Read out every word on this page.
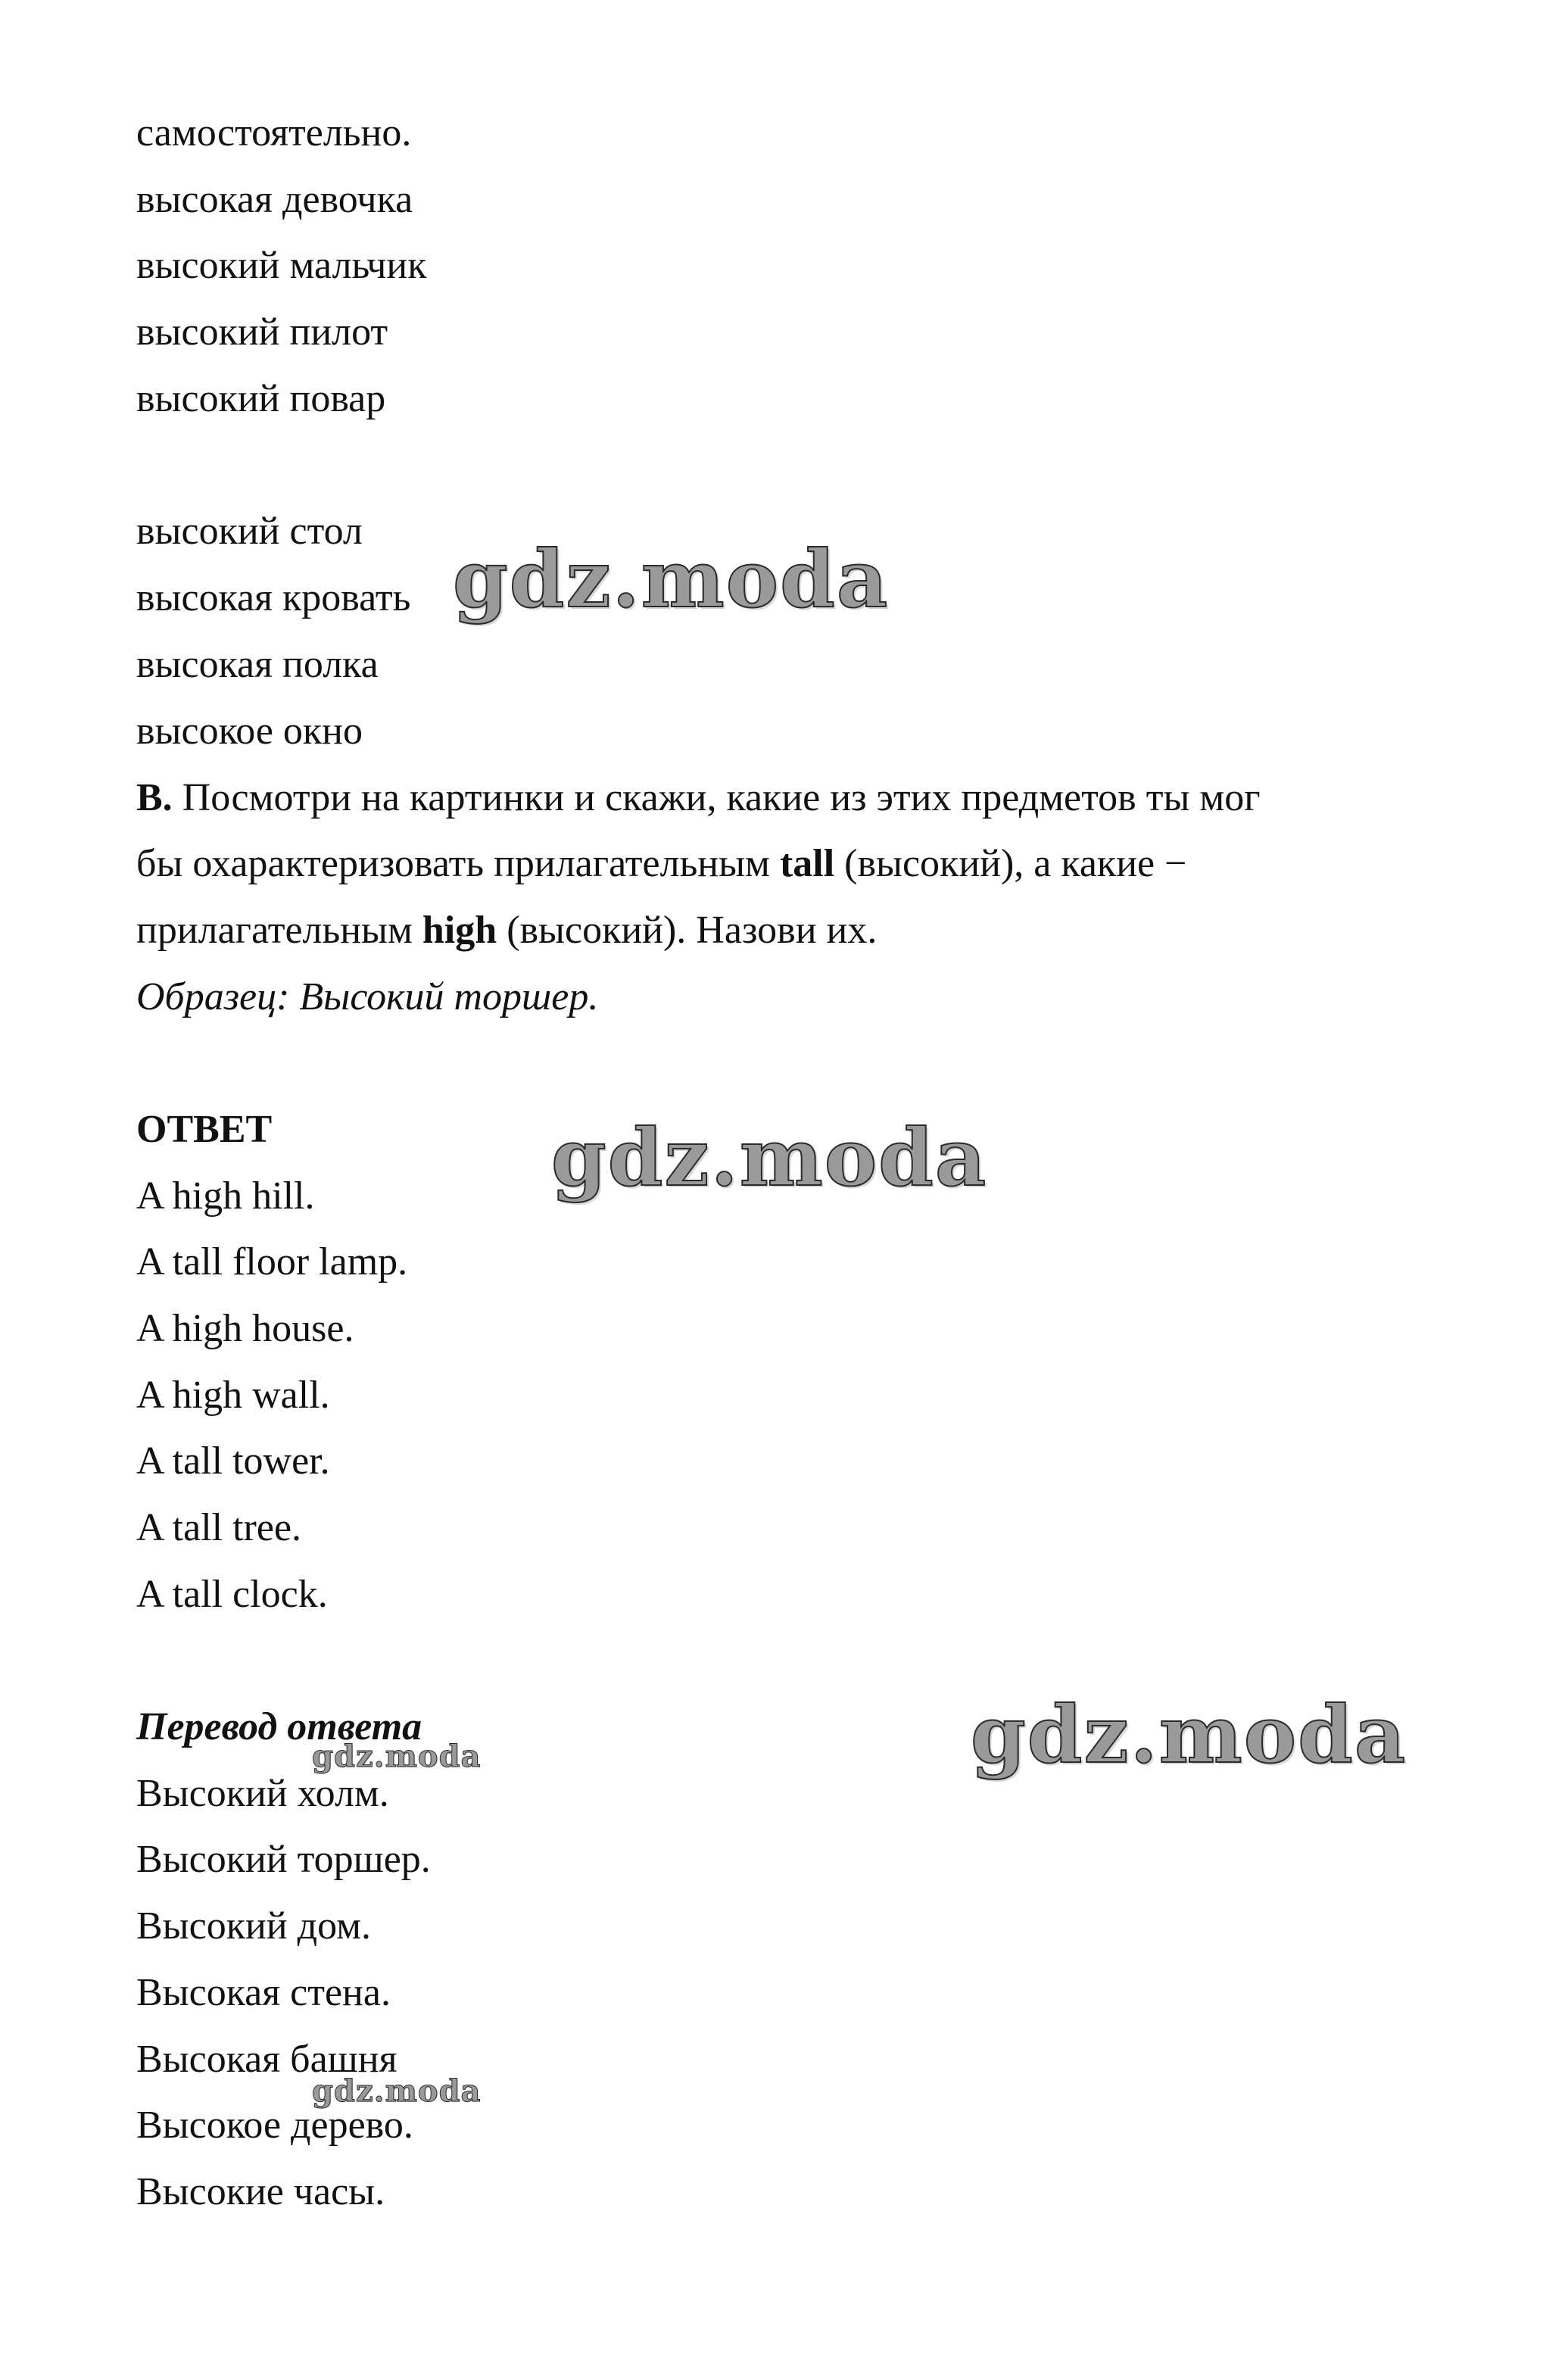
самостоятельно.

высокая девочка

высокий мальчик

высокий пилот

высокий повар

высокий стол

высокая кровать

высокая полка

высокое окно

B. Посмотри на картинки и скажи, какие из этих предметов ты мог

бы охарактеризовать прилагательным tall (высокий), а какие −

прилагательным high (высокий). Назови их.

Образец: Высокий торшер.

ОТВЕТ

A high hill.

A tall floor lamp.

A high house.

A high wall.

A tall tower.

A tall tree.

A tall clock.

Перевод ответа

Высокий холм.

Высокий торшер.

Высокий дом.

Высокая стена.

Высокая башня

Высокое дерево.

Высокие часы.

gdz.moda
gdz.moda
gdz.moda
gdz.moda
gdz.moda
